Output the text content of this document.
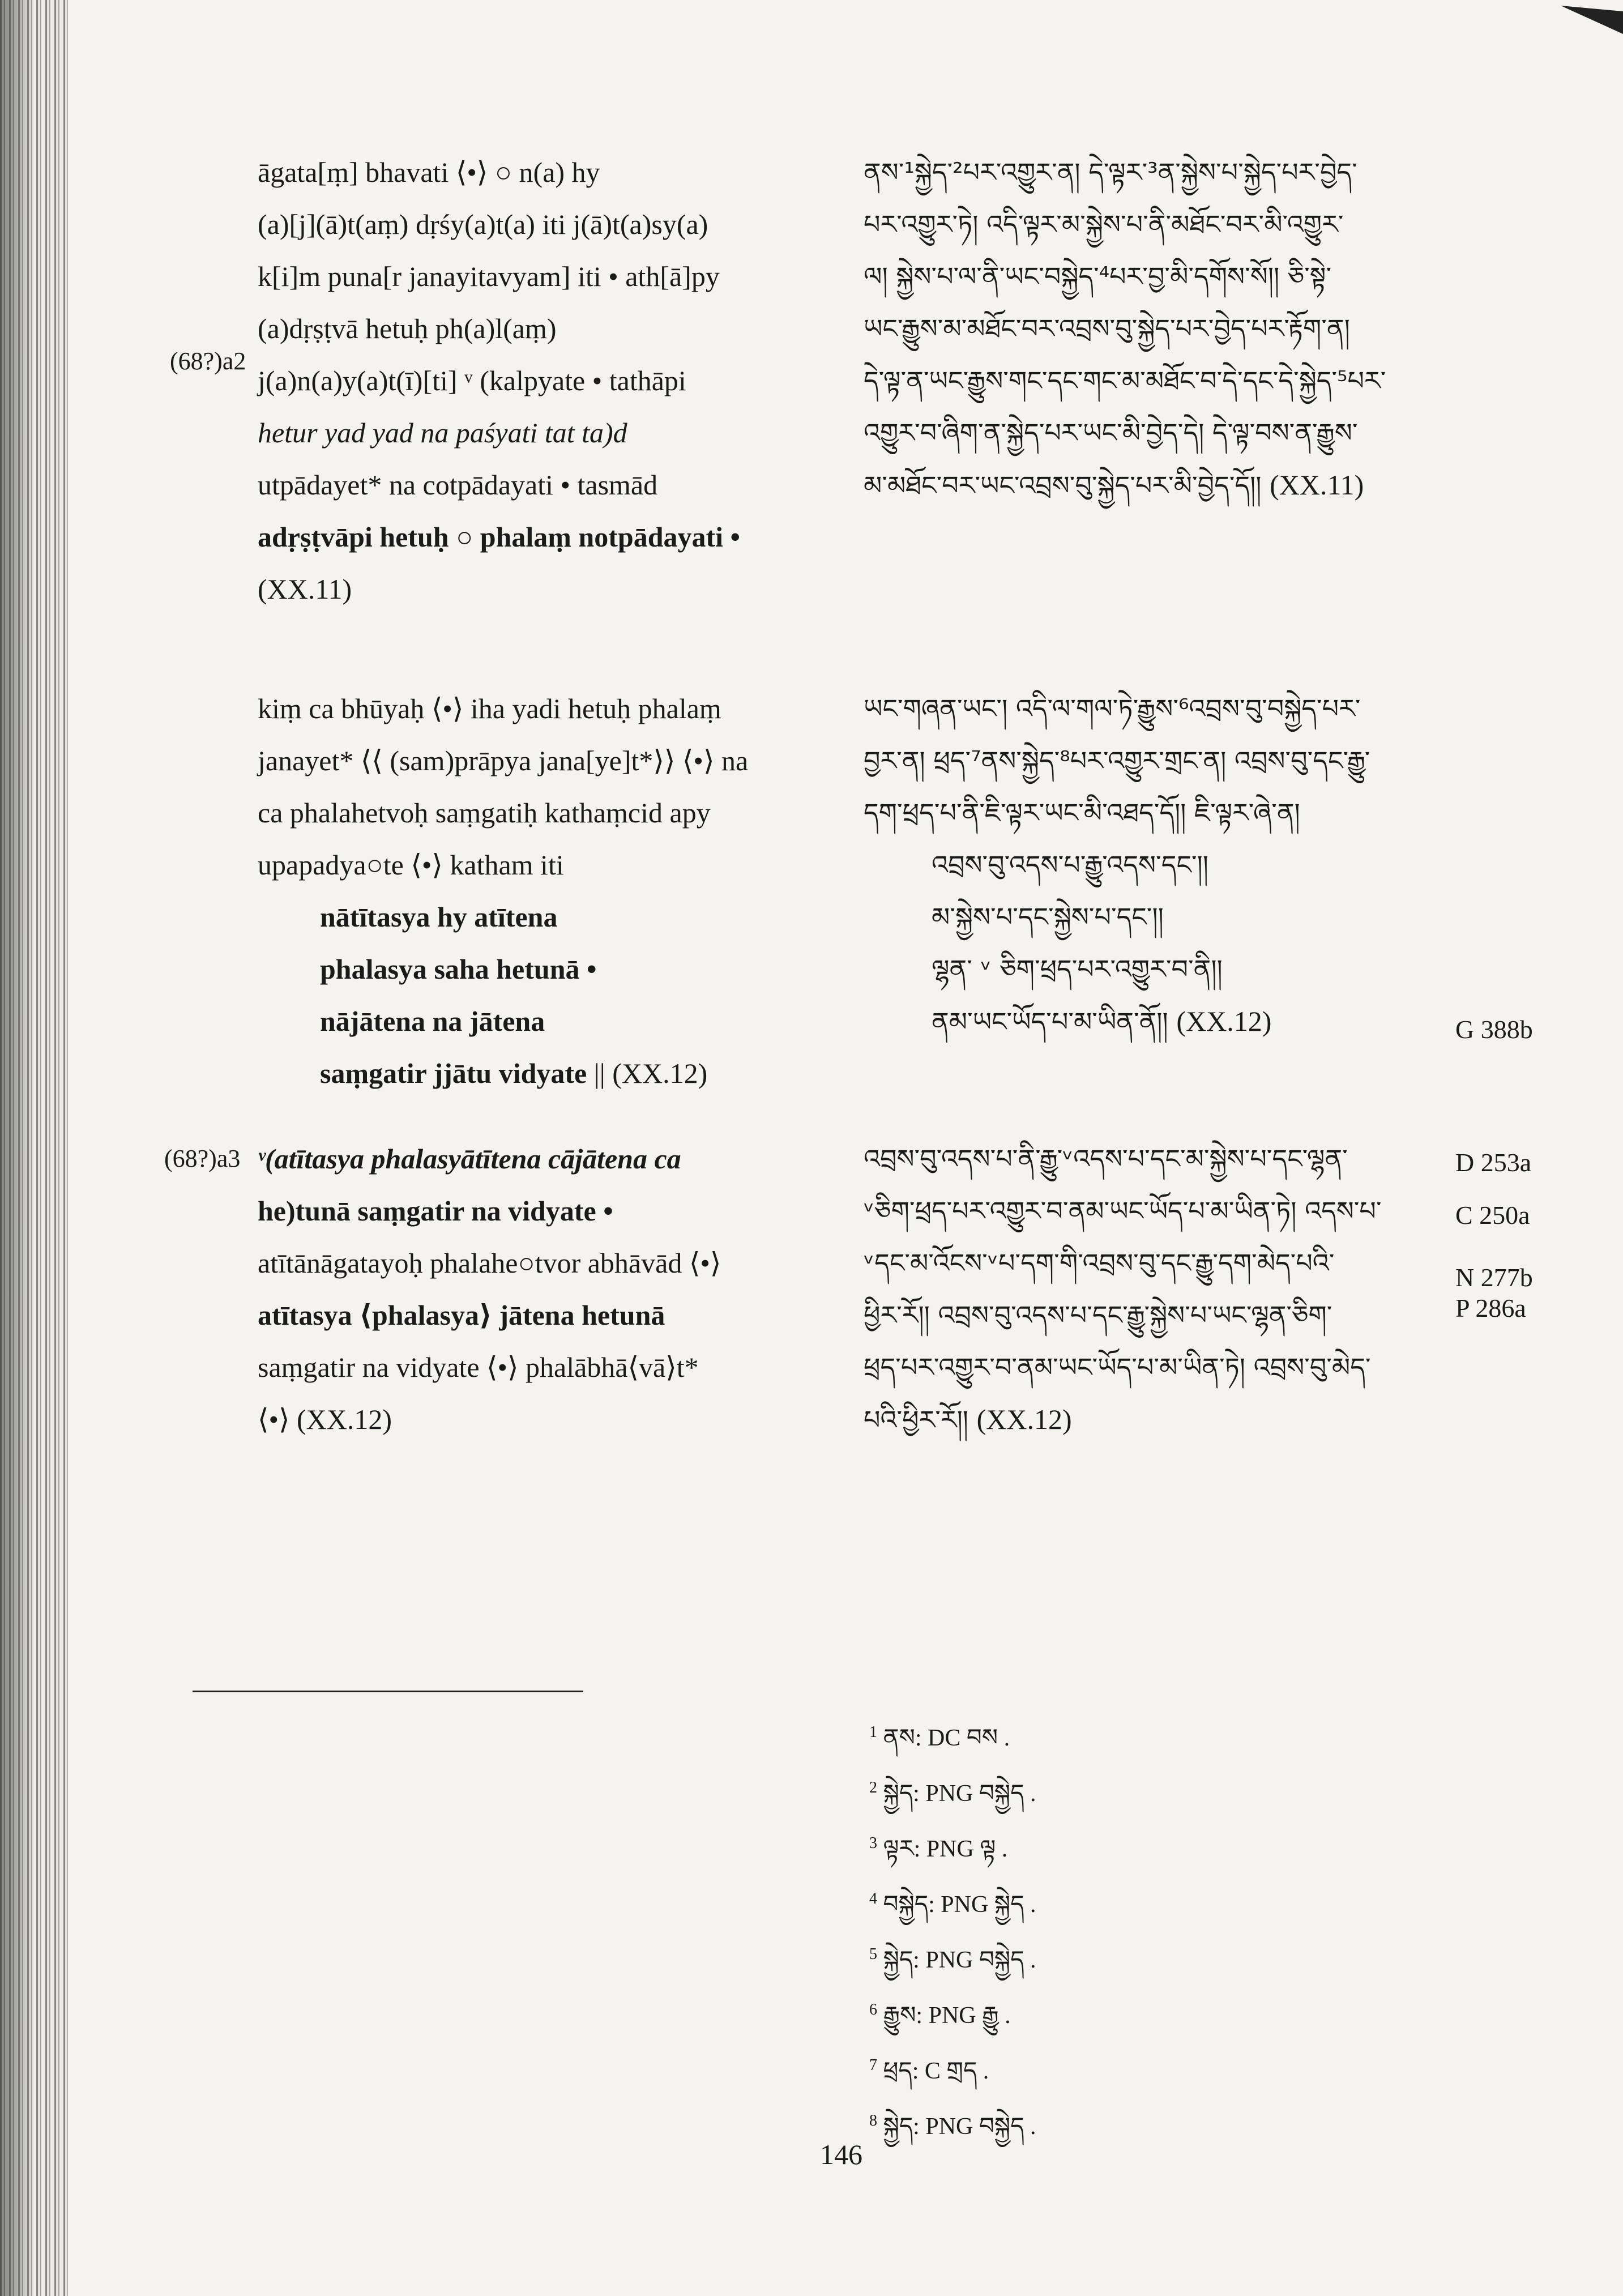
(68?)a2
āgata[ṃ] bhavati ⟨•⟩ ○ n(a) hy
(a)[j](ā)t(aṃ) dṛśy(a)t(a) iti j(ā)t(a)sy(a)
k[i]m puna[r janayitavyam] iti • ath[ā]py
(a)dṛṣṭvā hetuḥ ph(a)l(aṃ)
j(a)n(a)y(a)t(ī)[ti] ᵛ (kalpyate • tathāpi
hetur yad yad na paśyati tat ta)d
utpādayet* na cotpādayati • tasmād
adṛṣṭvāpi hetuḥ ○ phalaṃ notpādayati •
(XX.11)
ནས་¹སྐྱེད་²པར་འགྱུར་ན། དེ་ལྟར་³ན་སྐྱེས་པ་སྐྱེད་པར་བྱེད་
པར་འགྱུར་ཏེ། འདི་ལྟར་མ་སྐྱེས་པ་ནི་མཐོང་བར་མི་འགྱུར་
ལ། སྐྱེས་པ་ལ་ནི་ཡང་བསྐྱེད་⁴པར་བྱ་མི་དགོས་སོ།། ཅི་སྟེ་
ཡང་རྒྱུས་མ་མཐོང་བར་འབྲས་བུ་སྐྱེད་པར་བྱེད་པར་རྟོག་ན།
དེ་ལྟ་ན་ཡང་རྒྱུས་གང་དང་གང་མ་མཐོང་བ་དེ་དང་དེ་སྐྱེད་⁵པར་
འགྱུར་བ་ཞིག་ན་སྐྱེད་པར་ཡང་མི་བྱེད་དེ། དེ་ལྟ་བས་ན་རྒྱུས་
མ་མཐོང་བར་ཡང་འབྲས་བུ་སྐྱེད་པར་མི་བྱེད་དོ།། (XX.11)
kiṃ ca bhūyaḥ ⟨•⟩ iha yadi hetuḥ phalaṃ
janayet* ⟨⟨ (sam)prāpya jana[ye]t*⟩⟩ ⟨•⟩ na
ca phalahetvoḥ saṃgatiḥ kathaṃcid apy
upapadya○te ⟨•⟩ katham iti
nātītasya hy atītena
phalasya saha hetunā •
nājātena na jātena
saṃgatir jjātu vidyate || (XX.12)
ཡང་གཞན་ཡང་། འདི་ལ་གལ་ཏེ་རྒྱུས་⁶འབྲས་བུ་བསྐྱེད་པར་
བྱར་ན། ཕྲད་⁷ནས་སྐྱེད་⁸པར་འགྱུར་གྲང་ན། འབྲས་བུ་དང་རྒྱུ་
དག་ཕྲད་པ་ནི་ཇི་ལྟར་ཡང་མི་འཐད་དོ།། ཇི་ལྟར་ཞེ་ན།
འབྲས་བུ་འདས་པ་རྒྱུ་འདས་དང་།།
མ་སྐྱེས་པ་དང་སྐྱེས་པ་དང་།།
ལྷན་ ᵛ ཅིག་ཕྲད་པར་འགྱུར་བ་ནི།།
ནམ་ཡང་ཡོད་པ་མ་ཡིན་ནོ།། (XX.12)	G 388b
(68?)a3 ᵛ(atītasya phalasyātītena cājātena ca
he)tunā saṃgatir na vidyate •
atītānāgatayoḥ phalahe○tvor abhāvād ⟨•⟩
atītasya ⟨phalasya⟩ jātena hetunā
saṃgatir na vidyate ⟨•⟩ phalābhā⟨vā⟩t*
⟨•⟩ (XX.12)
འབྲས་བུ་འདས་པ་ནི་རྒྱུ་ᵛའདས་པ་དང་མ་སྐྱེས་པ་དང་ལྷན་
ᵛཅིག་ཕྲད་པར་འགྱུར་བ་ནམ་ཡང་ཡོད་པ་མ་ཡིན་ཏེ། འདས་པ་
ᵛདང་མ་འོངས་ᵛཔ་དག་གི་འབྲས་བུ་དང་རྒྱུ་དག་མེད་པའི་
ཕྱིར་རོ།། འབྲས་བུ་འདས་པ་དང་རྒྱུ་སྐྱེས་པ་ཡང་ལྷན་ཅིག་
ཕྲད་པར་འགྱུར་བ་ནམ་ཡང་ཡོད་པ་མ་ཡིན་ཏེ། འབྲས་བུ་མེད་
པའི་ཕྱིར་རོ།། (XX.12)
D 253a
C 250a
N 277b
P 286a
$^1$ ནས: DC བས .
$^2$ སྐྱེད: PNG བསྐྱེད .
$^3$ ལྟར: PNG ལྟ .
$^4$ བསྐྱེད: PNG སྐྱེད .
$^5$ སྐྱེད: PNG བསྐྱེད .
$^6$ རྒྱུས: PNG རྒྱུ .
$^7$ ཕྲད: C གྲད .
$^8$ སྐྱེད: PNG བསྐྱེད .
146
